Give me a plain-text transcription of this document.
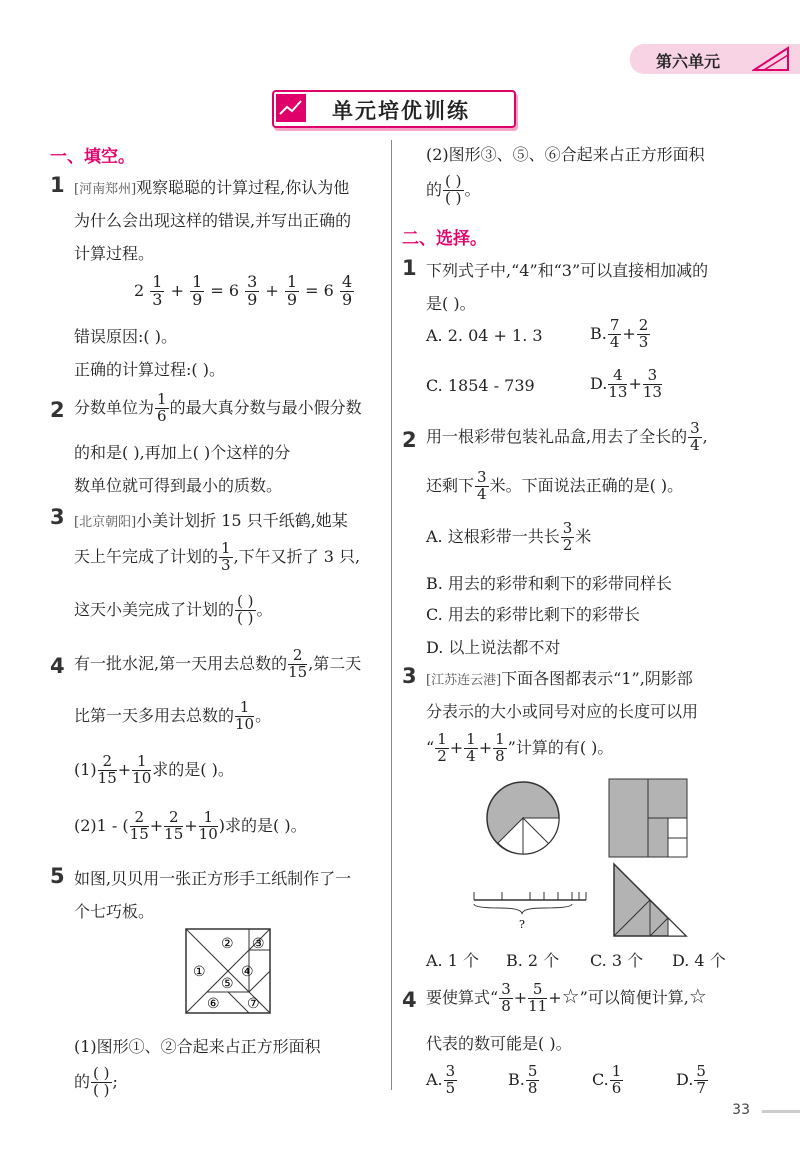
第六单元
单元培优训练
一、填空。
1 [河南郑州]观察聪聪的计算过程,你认为他
为什么会出现这样的错误,并写出正确的
计算过程。
$2 \frac{1}{3} + \frac{1}{9} = 6 \frac{3}{9} + \frac{1}{9} = 6 \frac{4}{9}$
错误原因:( )。
正确的计算过程:( )。
2 分数单位为 $\frac{1}{6}$ 的最大真分数与最小假分数
的和是( ),再加上( )个这样的分
数单位就可得到最小的质数。
3 [北京朝阳]小美计划折 15 只千纸鹤,她某
天上午完成了计划的 $\frac{1}{3}$ ,下午又折了 3 只,
这天小美完成了计划的 $\frac{( )}{( )}$ 。
4 有一批水泥,第一天用去总数的 $\frac{2}{15}$ ,第二天
比第一天多用去总数的 $\frac{1}{10}$ 。
$(1) \frac{2}{15} + \frac{1}{10}$ 求的是( )。
(2)1 - ( $\frac{2}{15} + \frac{2}{15} + \frac{1}{10}$ )求的是( )。
5 如图,贝贝用一张正方形手工纸制作了一
个七巧板。
①
② ③
④
⑤
⑥ ⑦
(1)图形①、②合起来占正方形面积
的 $\frac{( )}{( )}$ ;
(2)图形③、⑤、⑥合起来占正方形面积
的 $\frac{( )}{( )}$ 。
二、选择。
1 下列式子中,“4”和“3”可以直接相加减的
是( )。
A. 2. 04 + 1. 3	B. $\frac{7}{4} + \frac{2}{3}$
C. 1854 - 739	D. $\frac{4}{13} + \frac{3}{13}$
2 用一根彩带包装礼品盒,用去了全长的 $\frac{3}{4}$ ,
还剩下 $\frac{3}{4}$ 米。下面说法正确的是( )。
A. 这根彩带一共长 $\frac{3}{2}$ 米
B. 用去的彩带和剩下的彩带同样长
C. 用去的彩带比剩下的彩带长
D. 以上说法都不对
3 [江苏连云港]下面各图都表示“1”,阴影部
分表示的大小或同号对应的长度可以用
“ $\frac{1}{2} + \frac{1}{4} + \frac{1}{8}$ ”计算的有( )。
?
A. 1 个 B. 2 个 C. 3 个 D. 4 个
4 要使算式“ $\frac{3}{8} + \frac{5}{11}$ +☆”可以简便计算,☆
代表的数可能是( )。
A. $\frac{3}{5}$	B. $\frac{5}{8}$	C. $\frac{1}{6}$	D. $\frac{5}{7}$
33
